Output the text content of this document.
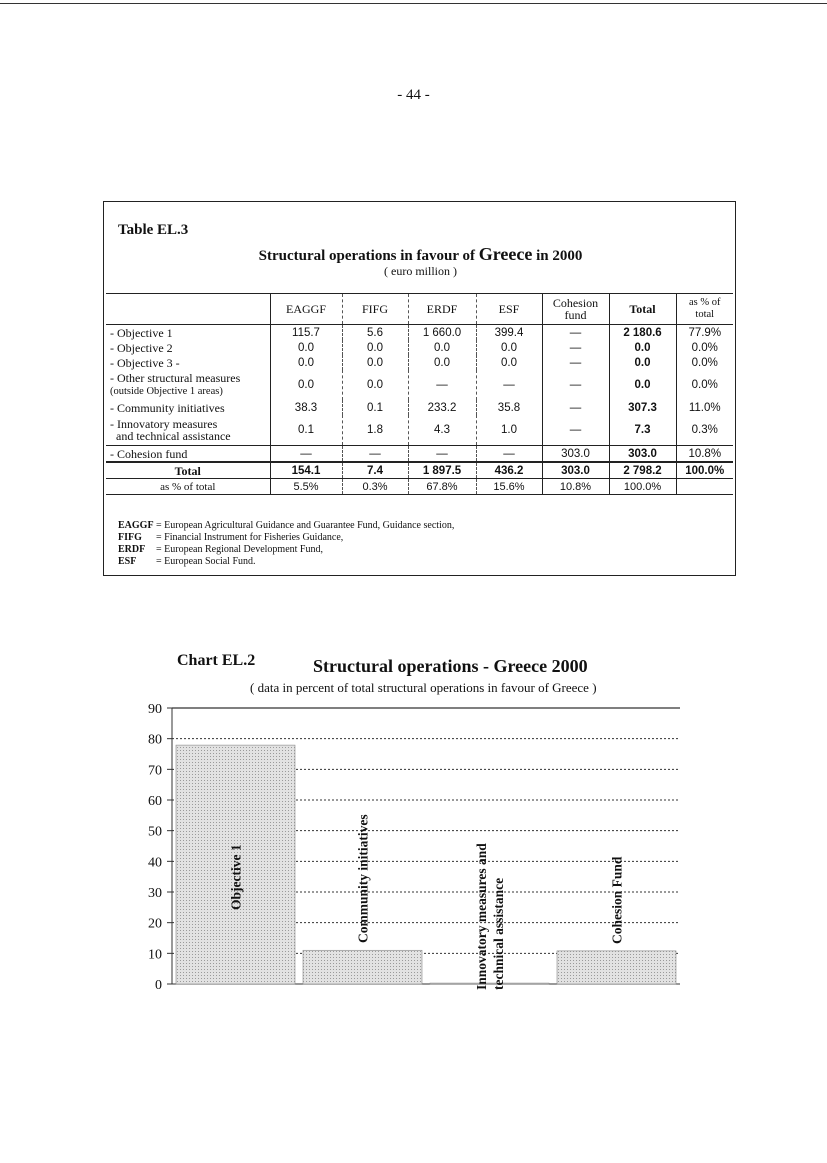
- 44 -
Table EL.3
Structural operations in favour of Greece in 2000
( euro million )
	EAGGF	FIFG	ERDF	ESF	Cohesion fund	Total	as % of total
- Objective 1	115.7	5.6	1 660.0	399.4	—	2 180.6	77.9%
- Objective 2	0.0	0.0	0.0	0.0	—	0.0	0.0%
- Objective 3 -	0.0	0.0	0.0	0.0	—	0.0	0.0%
- Other structural measures
(outside Objective 1 areas)	0.0	0.0	—	—	—	0.0	0.0%
- Community initiatives	38.3	0.1	233.2	35.8	—	307.3	11.0%
- Innovatory measures
and technical assistance	0.1	1.8	4.3	1.0	—	7.3	0.3%
- Cohesion fund	—	—	—	—	303.0	303.0	10.8%
Total	154.1	7.4	1 897.5	436.2	303.0	2 798.2	100.0%
as % of total	5.5%	0.3%	67.8%	15.6%	10.8%	100.0%	
EAGGF = European Agricultural Guidance and Guarantee Fund, Guidance section,
FIFG = Financial Instrument for Fisheries Guidance,
ERDF = European Regional Development Fund,
ESF = European Social Fund.
Chart EL.2	Structural operations - Greece 2000
( data in percent of total structural operations in favour of Greece )
0
10
20
30
40
50
60
70
80
90
Objective 1	Community initiatives	Innovatory measures and technical assistance	Cohesion Fund
